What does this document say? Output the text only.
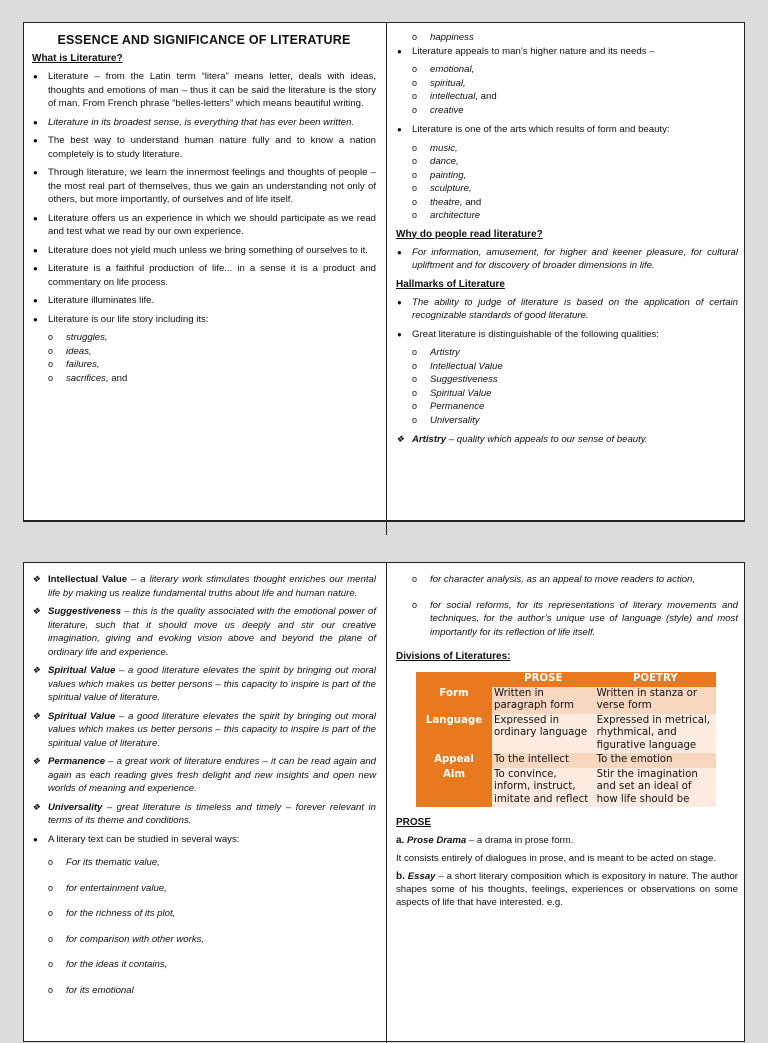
ESSENCE AND SIGNIFICANCE OF LITERATURE
What is Literature?

● Literature – from the Latin term “litera” means letter, deals with ideas, thoughts and emotions of man – thus it can be said the literature is the story of man. From French phrase “belles-letters” which means beautiful writing.

● Literature in its broadest sense, is everything that has ever been written.

● The best way to understand human nature fully and to know a nation completely is to study literature.

● Through literature, we learn the innermost feelings and thoughts of people – the most real part of themselves, thus we gain an understanding not only of others, but more importantly, of ourselves and of life itself.

● Literature offers us an experience in which we should participate as we read and test what we read by our own experience.

● Literature does not yield much unless we bring something of ourselves to it.

● Literature is a faithful production of life... in a sense it is a product and commentary on life process.

● Literature illuminates life.

● Literature is our life story including its:

o struggles,

o ideas,

o failures,

o sacrifices, and

o happiness

● Literature appeals to man’s higher nature and its needs –

o emotional,

o spiritual,

o intellectual, and

o creative

● Literature is one of the arts which results of form and beauty:

o music,

o dance,

o painting,

o sculpture,

o theatre, and

o architecture

Why do people read literature?

● For information, amusement, for higher and keener pleasure, for cultural upliftment and for discovery of broader dimensions in life.

Hallmarks of Literature

● The ability to judge of literature is based on the application of certain recognizable standards of good literature.

● Great literature is distinguishable of the following qualities:

o Artistry

o Intellectual Value

o Suggestiveness

o Spiritual Value

o Permanence

o Universality

❖ Artistry – quality which appeals to our sense of beauty.

❖ Intellectual Value – a literary work stimulates thought enriches our mental life by making us realize fundamental truths about life and human nature.

❖ Suggestiveness – this is the quality associated with the emotional power of literature, such that it should move us deeply and stir our creative imagination, giving and evoking vision above and beyond the plane of ordinary life and experience.

❖ Spiritual Value – a good literature elevates the spirit by bringing out moral values which makes us better persons – this capacity to inspire is part of the spiritual value of literature.

❖ Spiritual Value – a good literature elevates the spirit by bringing out moral values which makes us better persons – this capacity to inspire is part of the spiritual value of literature.

❖ Permanence – a great work of literature endures – it can be read again and again as each reading gives fresh delight and new insights and open new worlds of meaning and experience.

❖ Universality – great literature is timeless and timely – forever relevant in terms of its theme and conditions.

● A literary text can be studied in several ways:

o For its thematic value,

o for entertainment value,

o for the richness of its plot,

o for comparison with other works,

o for the ideas it contains,

o for its emotional

o for character analysis, as an appeal to move readers to action,

o for social reforms, for its representations of literary movements and techniques, for the author’s unique use of language (style) and most importantly for its reflection of life itself.

Divisions of Literatures:
	PROSE	POETRY
Form	Written in paragraph form	Written in stanza or verse form
Language	Expressed in ordinary language	Expressed in metrical, rhythmical, and figurative language
Appeal	To the intellect	To the emotion
Aim	To convince, inform, instruct, imitate and reflect	Stir the imagination and set an ideal of how life should be
PROSE

a. Prose Drama – a drama in prose form.

It consists entirely of dialogues in prose, and is meant to be acted on stage.

b. Essay – a short literary composition which is expository in nature. The author shapes some of his thoughts, feelings, experiences or observations on some aspects of life that have interested. e.g.
